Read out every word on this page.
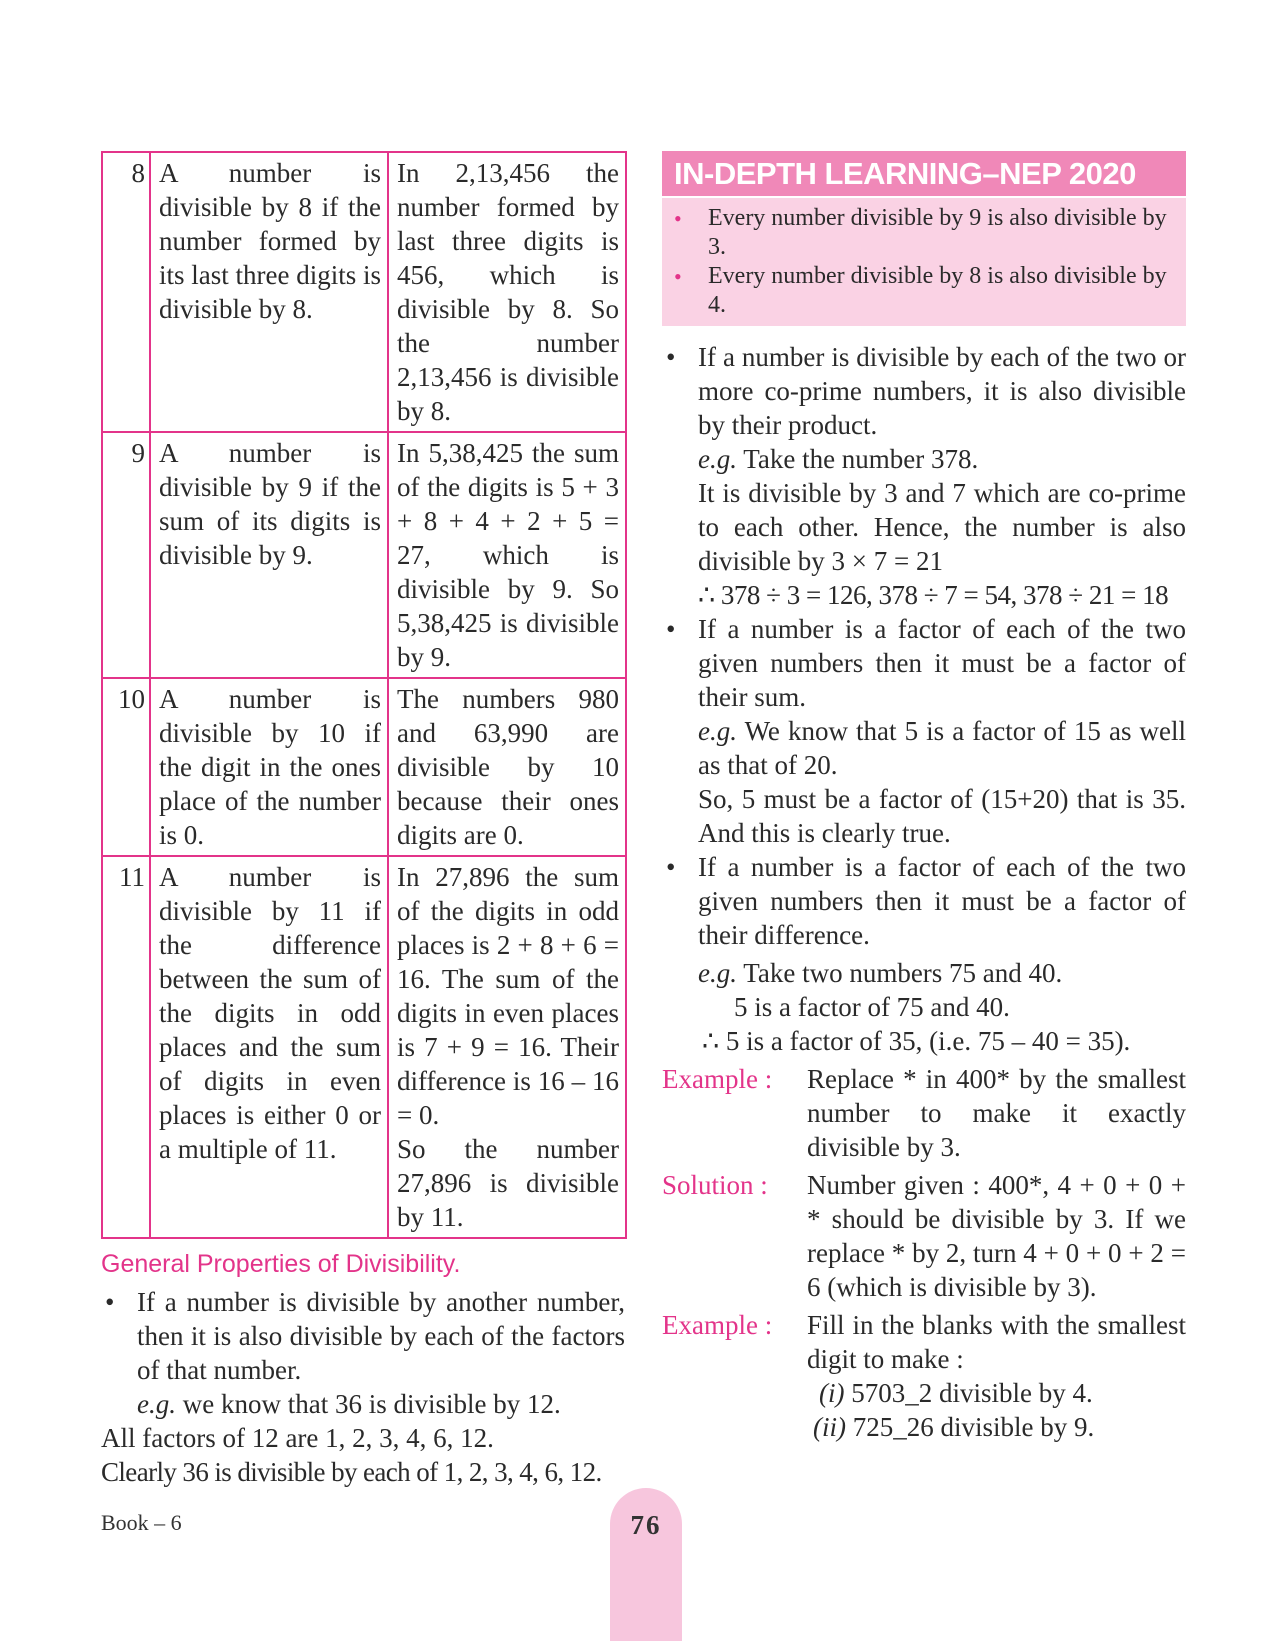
8	A number is divisible by 8 if the number formed by its last three digits is divisible by 8.	In 2,13,456 the number formed by last three digits is 456, which is divisible by 8. So the number 2,13,456 is divisible by 8.
9	A number is divisible by 9 if the sum of its digits is divisible by 9.	In 5,38,425 the sum of the digits is 5 + 3 + 8 + 4 + 2 + 5 = 27, which is divisible by 9. So 5,38,425 is divisible by 9.
10	A number is divisible by 10 if the digit in the ones place of the number is 0.	The numbers 980 and 63,990 are divisible by 10 because their ones digits are 0.
11	A number is divisible by 11 if the difference between the sum of the digits in odd places and the sum of digits in even places is either 0 or a multiple of 11.	In 27,896 the sum of the digits in odd places is 2 + 8 + 6 = 16. The sum of the digits in even places is 7 + 9 = 16. Their difference is 16 – 16 = 0.
So the number 27,896 is divisible by 11.
General Properties of Divisibility.
• If a number is divisible by another number, then it is also divisible by each of the factors of that number.
e.g. we know that 36 is divisible by 12.
All factors of 12 are 1, 2, 3, 4, 6, 12.
Clearly 36 is divisible by each of 1, 2, 3, 4, 6, 12.
IN-DEPTH LEARNING–NEP 2020
• Every number divisible by 9 is also divisible by 3.
• Every number divisible by 8 is also divisible by 4.
• If a number is divisible by each of the two or more co-prime numbers, it is also divisible by their product.

e.g. Take the number 378.

It is divisible by 3 and 7 which are co-prime to each other. Hence, the number is also divisible by 3 × 7 = 21

∴ 378 ÷ 3 = 126, 378 ÷ 7 = 54, 378 ÷ 21 = 18

• If a number is a factor of each of the two given numbers then it must be a factor of their sum.

e.g. We know that 5 is a factor of 15 as well as that of 20.

So, 5 must be a factor of (15+20) that is 35. And this is clearly true.

• If a number is a factor of each of the two given numbers then it must be a factor of their difference.

e.g. Take two numbers 75 and 40.

5 is a factor of 75 and 40.

∴ 5 is a factor of 35, (i.e. 75 – 40 = 35).

Example :	Replace * in 400* by the smallest number to make it exactly divisible by 3.
Solution :	Number given : 400*, 4 + 0 + 0 + * should be divisible by 3. If we replace * by 2, turn 4 + 0 + 0 + 2 = 6 (which is divisible by 3).
Example :	Fill in the blanks with the smallest digit to make :

(i) 5703_2 divisible by 4.

(ii) 725_26 divisible by 9.

Book – 6	76
